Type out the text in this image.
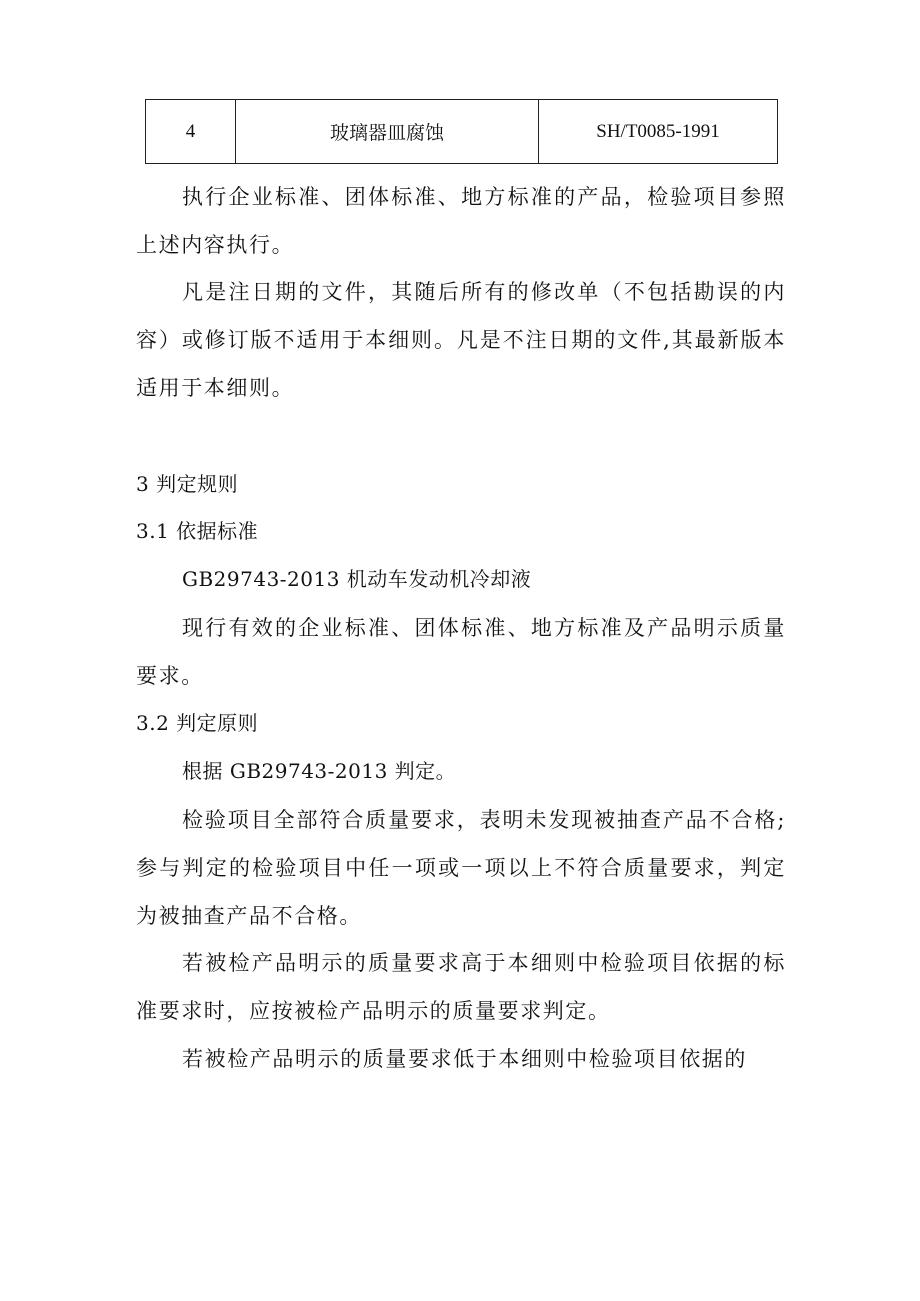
4	玻璃器皿腐蚀	SH/T0085-1991

执行企业标准、团体标准、地方标准的产品，检验项目参照上述内容执行。

凡是注日期的文件，其随后所有的修改单（不包括勘误的内容）或修订版不适用于本细则。凡是不注日期的文件,其最新版本适用于本细则。

3 判定规则

3.1 依据标准

GB29743-2013 机动车发动机冷却液

现行有效的企业标准、团体标准、地方标准及产品明示质量要求。

3.2 判定原则

根据 GB29743-2013 判定。

检验项目全部符合质量要求，表明未发现被抽查产品不合格;参与判定的检验项目中任一项或一项以上不符合质量要求，判定为被抽查产品不合格。

若被检产品明示的质量要求高于本细则中检验项目依据的标准要求时，应按被检产品明示的质量要求判定。

若被检产品明示的质量要求低于本细则中检验项目依据的
